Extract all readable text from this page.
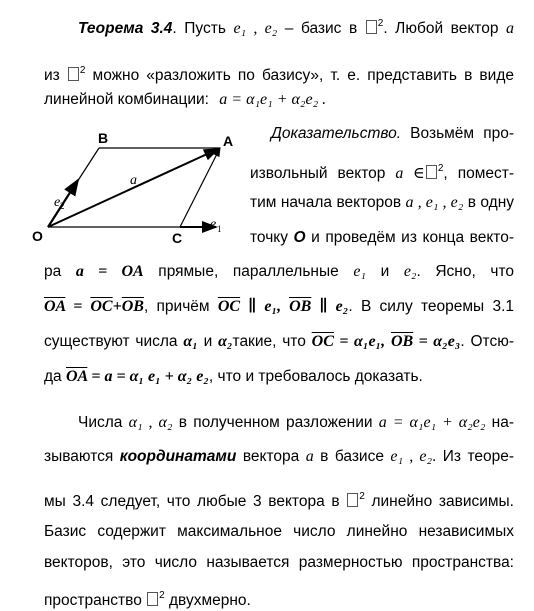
Теорема 3.4. Пусть e₁ , e₂ – базис в $^2$. Любой вектор a
из $^2$ можно «разложить по базису», т. е. представить в виде
линейной комбинации: a = α₁e₁ + α₂e₂ .
B	A
O	C
a
e 2
e 1
Доказательство. Возьмём про-
извольный вектор a ∈ $^2$, помест-
тим начала векторов a , e₁ , e₂ в одну
точку O и проведём из конца векто-
ра a = OA прямые, параллельные e₁ и e₂. Ясно, что
$\overline{OA} = \overline{OC}+\overline{OB}$, причём $\overline{OC}$ ∥ e₁, $\overline{OB}$ ∥ e₂. В силу теоремы 3.1
существуют числа α₁ и α₂такие, что $\overline{OC} = \alpha_1e_1$, $\overline{OB} = \alpha_2e_3$. Отсю-
да $\overline{OA} = a = \alpha_1$ e₁ + α₂ e₂, что и требовалось доказать.
Числа α₁ , α₂ в полученном разложении a = α₁e₁ + α₂e₂ на-
зываются координатами вектора a в базисе e₁ , e₂. Из теоре-
мы 3.4 следует, что любые 3 вектора в $^2$ линейно зависимы.
Базис содержит максимальное число линейно независимых
векторов, это число называется размерностью пространства:
пространство $^2$ двухмерно.
